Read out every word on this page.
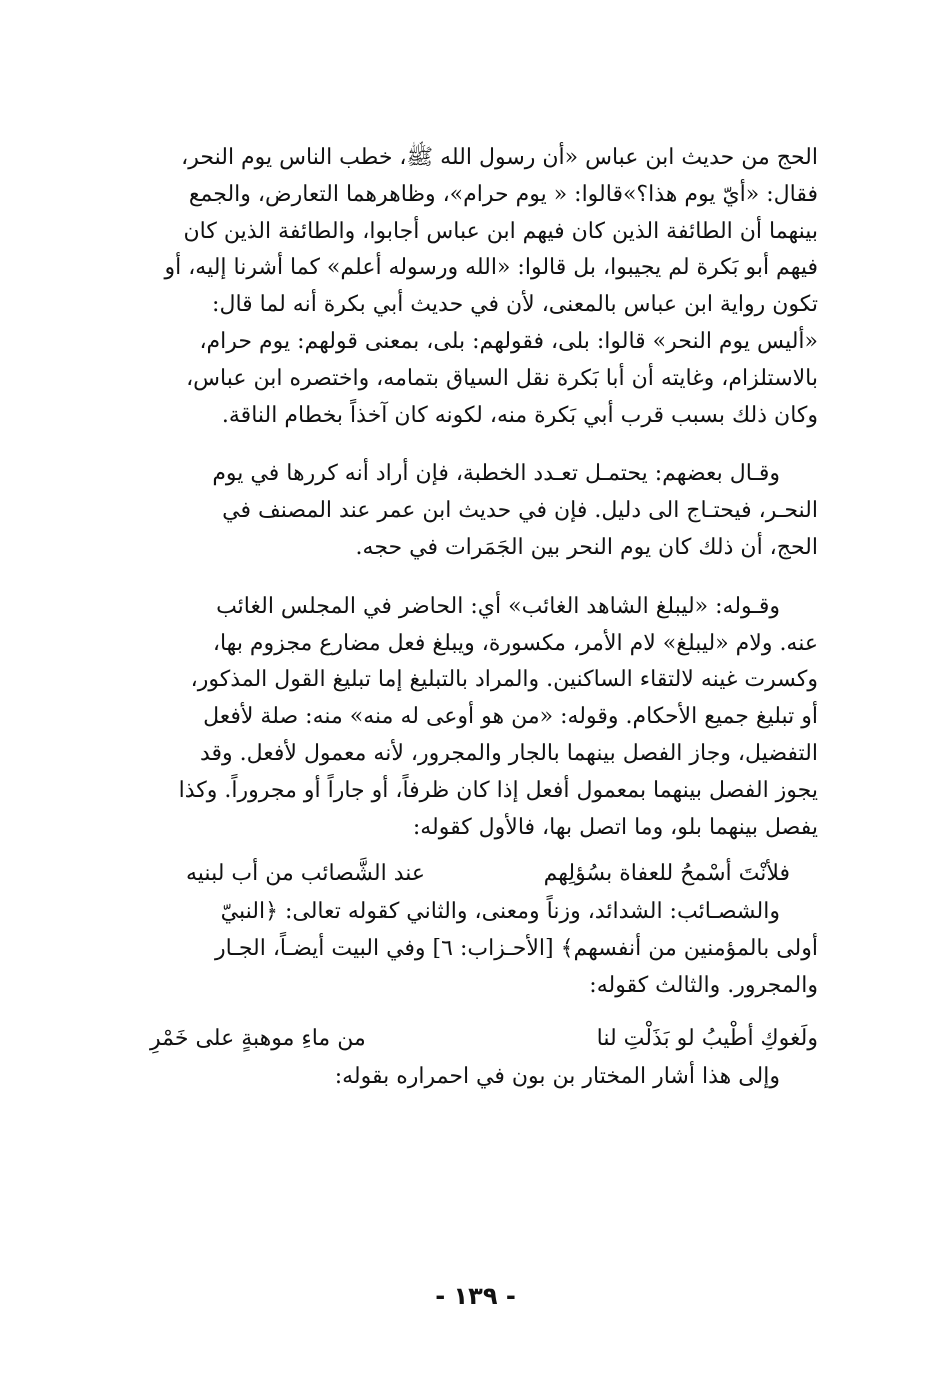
الحج من حديث ابن عباس «أن رسول الله ﷺ، خطب الناس يوم النحر،
فقال: «أيّ يوم هذا؟»قالوا: « يوم حرام»، وظاهرهما التعارض، والجمع
بينهما أن الطائفة الذين كان فيهم ابن عباس أجابوا، والطائفة الذين كان
فيهم أبو بَكرة لم يجيبوا، بل قالوا: «الله ورسوله أعلم» كما أشرنا إليه، أو
تكون رواية ابن عباس بالمعنى، لأن في حديث أبي بكرة أنه لما قال:
«أليس يوم النحر» قالوا: بلى، فقولهم: بلى، بمعنى قولهم: يوم حرام،
بالاستلزام، وغايته أن أبا بَكرة نقل السياق بتمامه، واختصره ابن عباس،
وكان ذلك بسبب قرب أبي بَكرة منه، لكونه كان آخذاً بخطام الناقة.
وقـال بعضهم: يحتمـل تعـدد الخطبة، فإن أراد أنه كررها في يوم
النحـر، فيحتـاج الى دليل. فإن في حديث ابن عمر عند المصنف في
الحج، أن ذلك كان يوم النحر بين الجَمَرات في حجه.
وقـوله: «ليبلغ الشاهد الغائب» أي: الحاضر في المجلس الغائب
عنه. ولام «ليبلغ» لام الأمر، مكسورة، ويبلغ فعل مضارع مجزوم بها،
وكسرت غينه لالتقاء الساكنين. والمراد بالتبليغ إما تبليغ القول المذكور،
أو تبليغ جميع الأحكام. وقوله: «من هو أوعى له منه» منه: صلة لأفعل
التفضيل، وجاز الفصل بينهما بالجار والمجرور، لأنه معمول لأفعل. وقد
يجوز الفصل بينهما بمعمول أفعل إذا كان ظرفاً، أو جاراً أو مجروراً. وكذا
يفصل بينهما بلو، وما اتصل بها، فالأول كقوله:
فلأنْتَ أسْمحُ للعفاة بسُؤلِهم
عند الشَّصائب من أب لبنيه
والشصـائب: الشدائد، وزناً ومعنى، والثاني كقوله تعالى: ﴿النبيّ
أولى بالمؤمنين من أنفسهم﴾ [الأحـزاب: ٦] وفي البيت أيضـاً، الجـار
والمجرور. والثالث كقوله:
ولَغوكِ أطْيبُ لو بَذَلْتِ لنا
من ماءِ موهبةٍ على خَمْرِ
وإلى هذا أشار المختار بن بون في احمراره بقوله:
- ١٣٩ -
